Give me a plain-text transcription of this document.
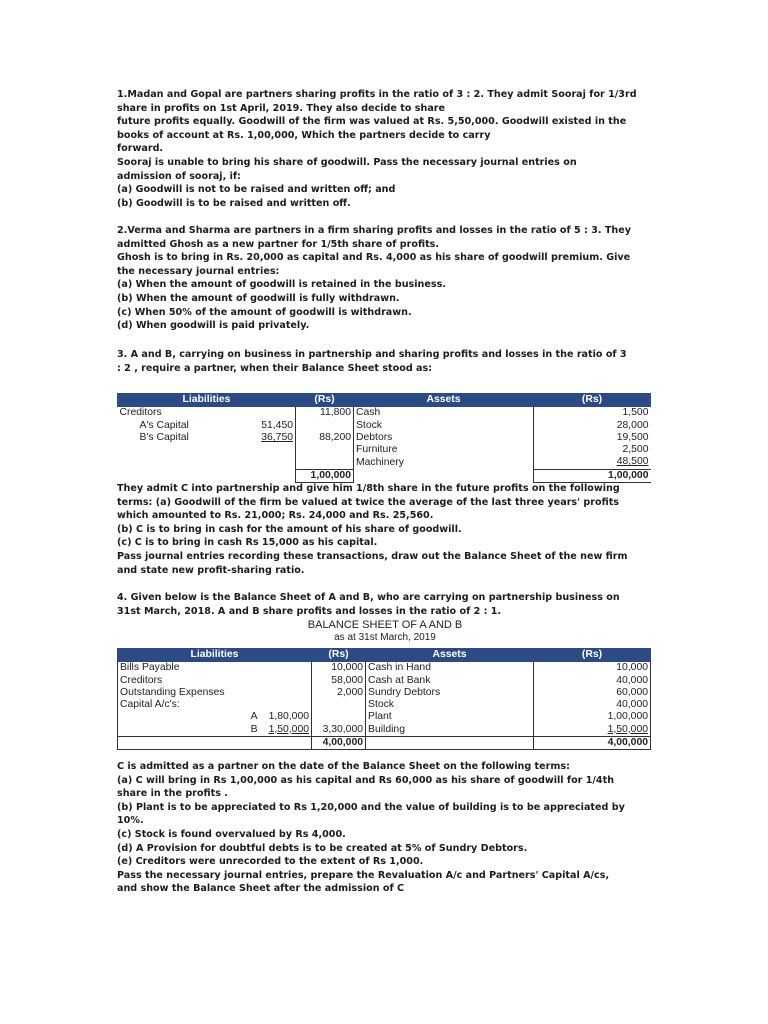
1.Madan and Gopal are partners sharing profits in the ratio of 3 : 2. They admit Sooraj for 1/3rd
share in profits on 1st April, 2019. They also decide to share
future profits equally. Goodwill of the firm was valued at Rs. 5,50,000. Goodwill existed in the
books of account at Rs. 1,00,000, Which the partners decide to carry
forward.
Sooraj is unable to bring his share of goodwill. Pass the necessary journal entries on
admission of sooraj, if:
(a) Goodwill is not to be raised and written off; and
(b) Goodwill is to be raised and written off.
2.Verma and Sharma are partners in a firm sharing profits and losses in the ratio of 5 : 3. They
admitted Ghosh as a new partner for 1/5th share of profits.
Ghosh is to bring in Rs. 20,000 as capital and Rs. 4,000 as his share of goodwill premium. Give
the necessary journal entries:
(a) When the amount of goodwill is retained in the business.
(b) When the amount of goodwill is fully withdrawn.
(c) When 50% of the amount of goodwill is withdrawn.
(d) When goodwill is paid privately.
3. A and B, carrying on business in partnership and sharing profits and losses in the ratio of 3
: 2 , require a partner, when their Balance Sheet stood as:
Liabilities		(Rs)	Assets	(Rs)
Creditors		11,800	Cash	1,500
A's Capital	51,450		Stock	28,000
B's Capital	36,750	88,200	Debtors	19,500
			Furniture	2,500
			Machinery	48,500
		1,00,000		1,00,000
They admit C into partnership and give him 1/8th share in the future profits on the following
terms: (a) Goodwill of the firm be valued at twice the average of the last three years' profits
which amounted to Rs. 21,000; Rs. 24,000 and Rs. 25,560.
(b) C is to bring in cash for the amount of his share of goodwill.
(c) C is to bring in cash Rs 15,000 as his capital.
Pass journal entries recording these transactions, draw out the Balance Sheet of the new firm
and state new profit-sharing ratio.
4. Given below is the Balance Sheet of A and B, who are carrying on partnership business on
31st March, 2018. A and B share profits and losses in the ratio of 2 : 1.
BALANCE SHEET OF A AND B
as at 31st March, 2019
Liabilities			(Rs)	Assets	(Rs)
Bills Payable			10,000	Cash in Hand	10,000
Creditors			58,000	Cash at Bank	40,000
Outstanding Expenses			2,000	Sundry Debtors	60,000
Capital A/c's:				Stock	40,000
	A	1,80,000		Plant	1,00,000
	B	1,50,000	3,30,000	Building	1,50,000
			4,00,000		4,00,000
C is admitted as a partner on the date of the Balance Sheet on the following terms:
(a) C will bring in Rs 1,00,000 as his capital and Rs 60,000 as his share of goodwill for 1/4th
share in the profits .
(b) Plant is to be appreciated to Rs 1,20,000 and the value of building is to be appreciated by
10%.
(c) Stock is found overvalued by Rs 4,000.
(d) A Provision for doubtful debts is to be created at 5% of Sundry Debtors.
(e) Creditors were unrecorded to the extent of Rs 1,000.
Pass the necessary journal entries, prepare the Revaluation A/c and Partners' Capital A/cs,
and show the Balance Sheet after the admission of C
